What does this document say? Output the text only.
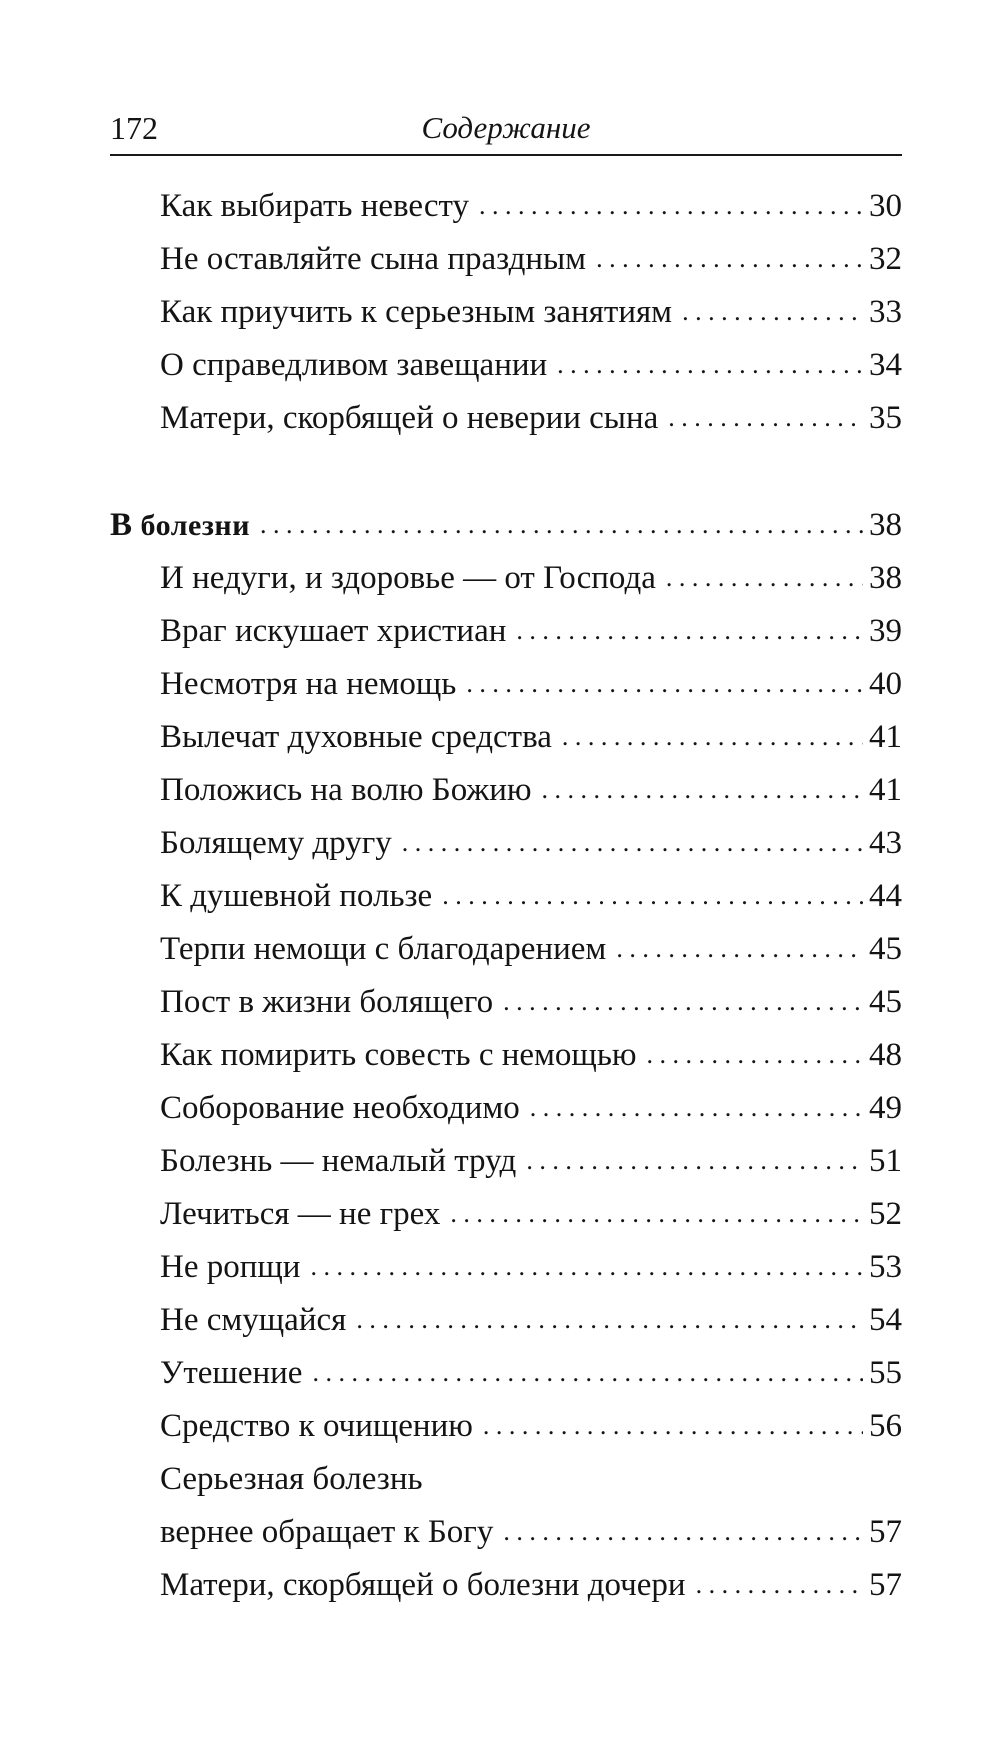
172	Содержание
Как выбирать невесту . . .	30
Не оставляйте сына праздным . . .	32
Как приучить к серьезным занятиям . . .	33
О справедливом завещании . . .	34
Матери, скорбящей о неверии сына . . .	35
В болезни . . .	38
И недуги, и здоровье — от Господа . . .	38
Враг искушает христиан . . .	39
Несмотря на немощь . . .	40
Вылечат духовные средства . . .	41
Положись на волю Божию . . .	41
Болящему другу . . .	43
К душевной пользе . . .	44
Терпи немощи с благодарением . . .	45
Пост в жизни болящего . . .	45
Как помирить совесть с немощью . . .	48
Соборование необходимо . . .	49
Болезнь — немалый труд . . .	51
Лечиться — не грех . . .	52
Не ропщи . . .	53
Не смущайся . . .	54
Утешение . . .	55
Средство к очищению . . .	56
Серьезная болезнь
вернее обращает к Богу . . .	57
Матери, скорбящей о болезни дочери . . .	57
